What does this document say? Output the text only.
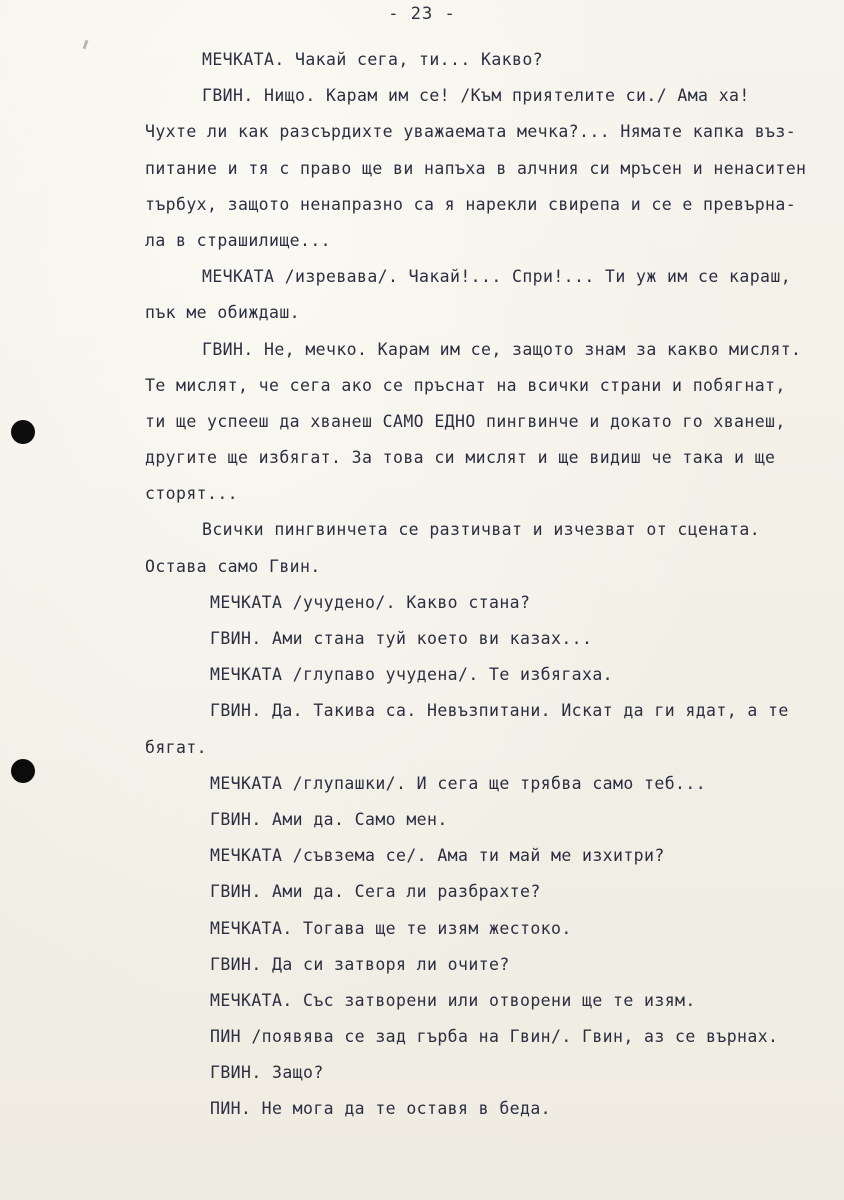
- 23 -
МЕЧКАТА. Чакай сега, ти... Какво?
ГВИН. Нищо. Карам им се! /Към приятелите си./ Ама ха!
Чухте ли как разсърдихте уважаемата мечка?... Нямате капка въз-
питание и тя с право ще ви напъха в алчния си мръсен и ненаситен
търбух, защото ненапразно са я нарекли свирепа и се е превърна-
ла в страшилище...
МЕЧКАТА /изревава/. Чакай!... Спри!... Ти уж им се караш,
пък ме обиждаш.
ГВИН. Не, мечко. Карам им се, защото знам за какво мислят.
Те мислят, че сега ако се пръснат на всички страни и побягнат,
ти ще успееш да хванеш САМО ЕДНО пингвинче и докато го хванеш,
другите ще избягат. За това си мислят и ще видиш че така и ще
сторят...
Всички пингвинчета се разтичват и изчезват от сцената.
Остава само Гвин.
МЕЧКАТА /учудено/. Какво стана?
ГВИН. Ами стана туй което ви казах...
МЕЧКАТА /глупаво учудена/. Те избягаха.
ГВИН. Да. Такива са. Невъзпитани. Искат да ги ядат, а те
бягат.
МЕЧКАТА /глупашки/. И сега ще трябва само теб...
ГВИН. Ами да. Само мен.
МЕЧКАТА /съвзема се/. Ама ти май ме изхитри?
ГВИН. Ами да. Сега ли разбрахте?
МЕЧКАТА. Тогава ще те изям жестоко.
ГВИН. Да си затворя ли очите?
МЕЧКАТА. Със затворени или отворени ще те изям.
ПИН /появява се зад гърба на Гвин/. Гвин, аз се върнах.
ГВИН. Защо?
ПИН. Не мога да те оставя в беда.
